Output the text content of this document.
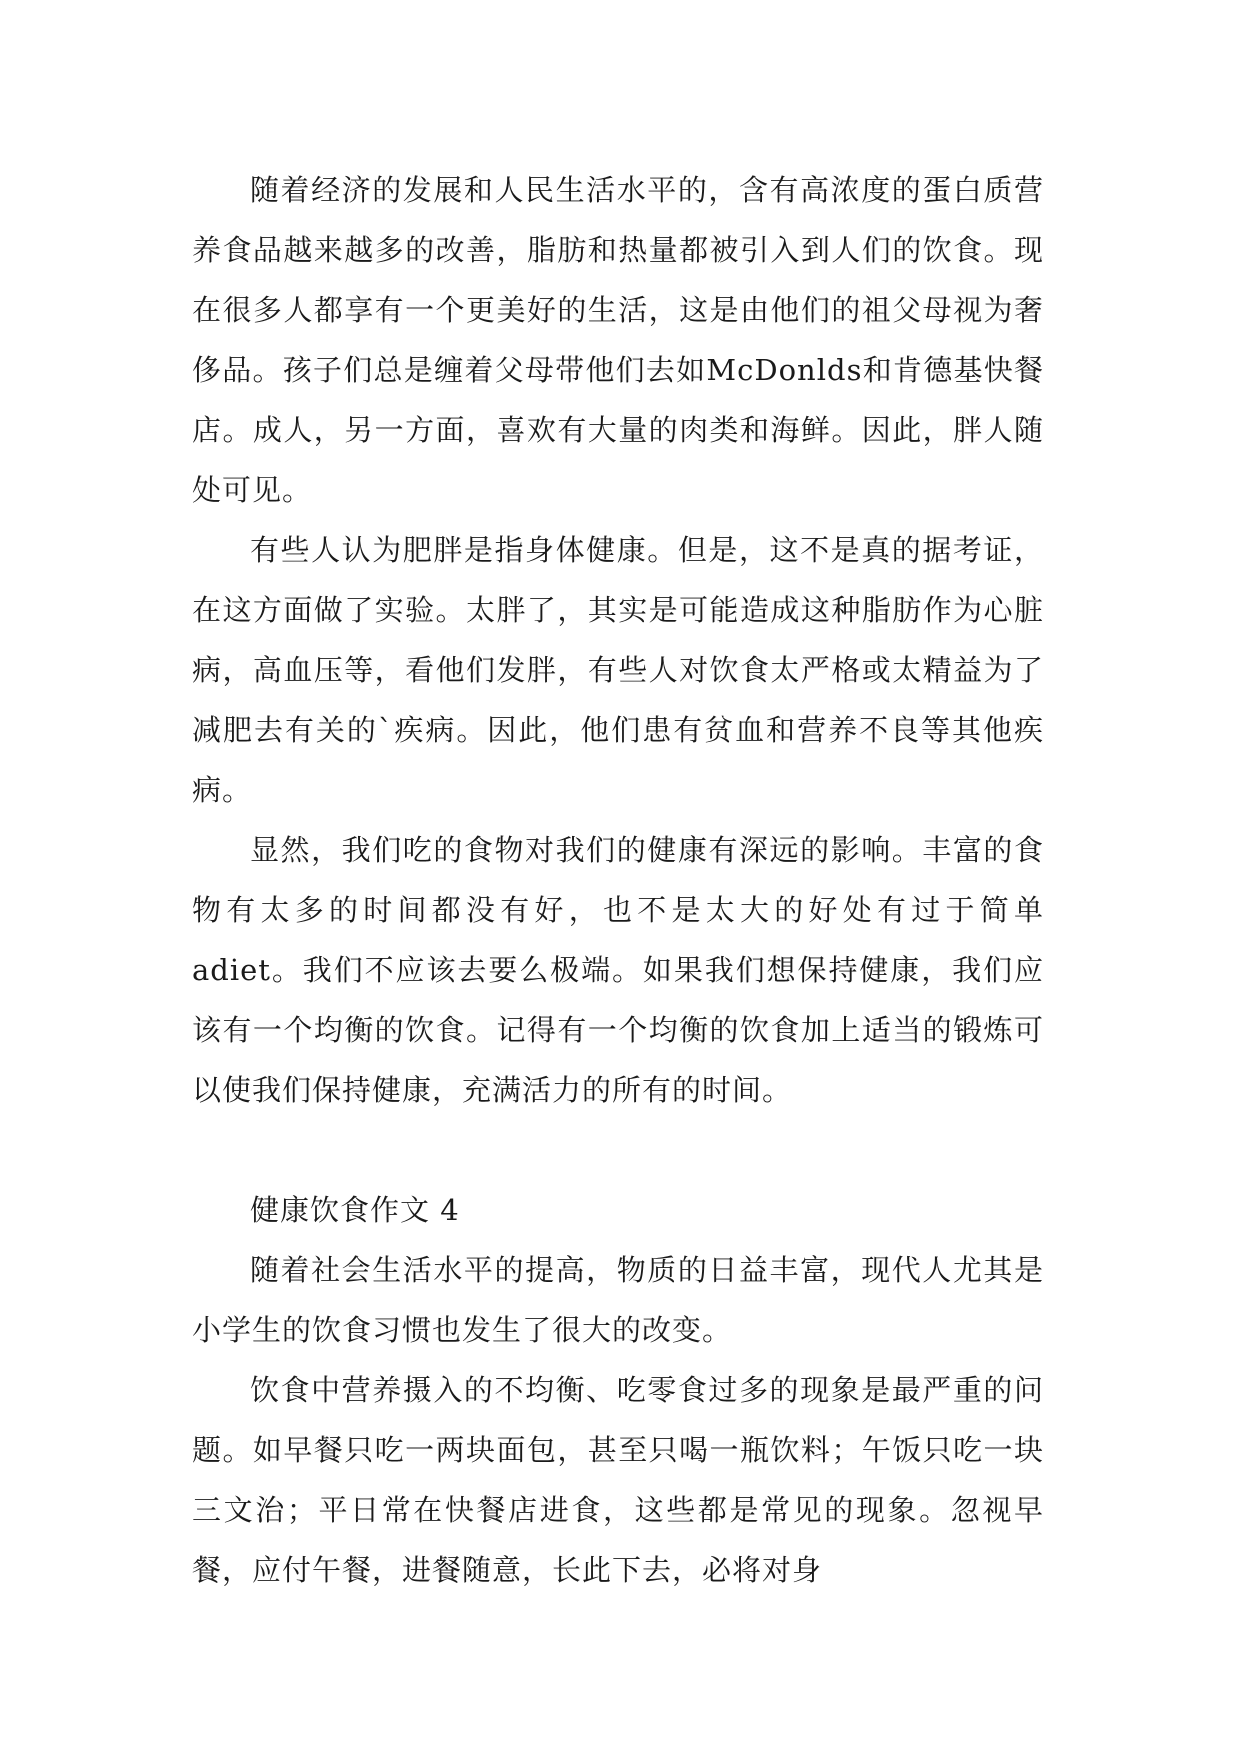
随着经济的发展和人民生活水平的，含有高浓度的蛋白质营养食品越来越多的改善，脂肪和热量都被引入到人们的饮食。现在很多人都享有一个更美好的生活，这是由他们的祖父母视为奢侈品。孩子们总是缠着父母带他们去如McDonlds和肯德基快餐店。成人，另一方面，喜欢有大量的肉类和海鲜。因此，胖人随处可见。

有些人认为肥胖是指身体健康。但是，这不是真的据考证，在这方面做了实验。太胖了，其实是可能造成这种脂肪作为心脏病，高血压等，看他们发胖，有些人对饮食太严格或太精益为了减肥去有关的`疾病。因此，他们患有贫血和营养不良等其他疾病。

显然，我们吃的食物对我们的健康有深远的影响。丰富的食物有太多的时间都没有好，也不是太大的好处有过于简单adiet。我们不应该去要么极端。如果我们想保持健康，我们应该有一个均衡的饮食。记得有一个均衡的饮食加上适当的锻炼可以使我们保持健康，充满活力的所有的时间。

健康饮食作文 4

随着社会生活水平的提高，物质的日益丰富，现代人尤其是小学生的饮食习惯也发生了很大的改变。

饮食中营养摄入的不均衡、吃零食过多的现象是最严重的问题。如早餐只吃一两块面包，甚至只喝一瓶饮料；午饭只吃一块三文治；平日常在快餐店进食，这些都是常见的现象。忽视早餐，应付午餐，进餐随意，长此下去，必将对身
